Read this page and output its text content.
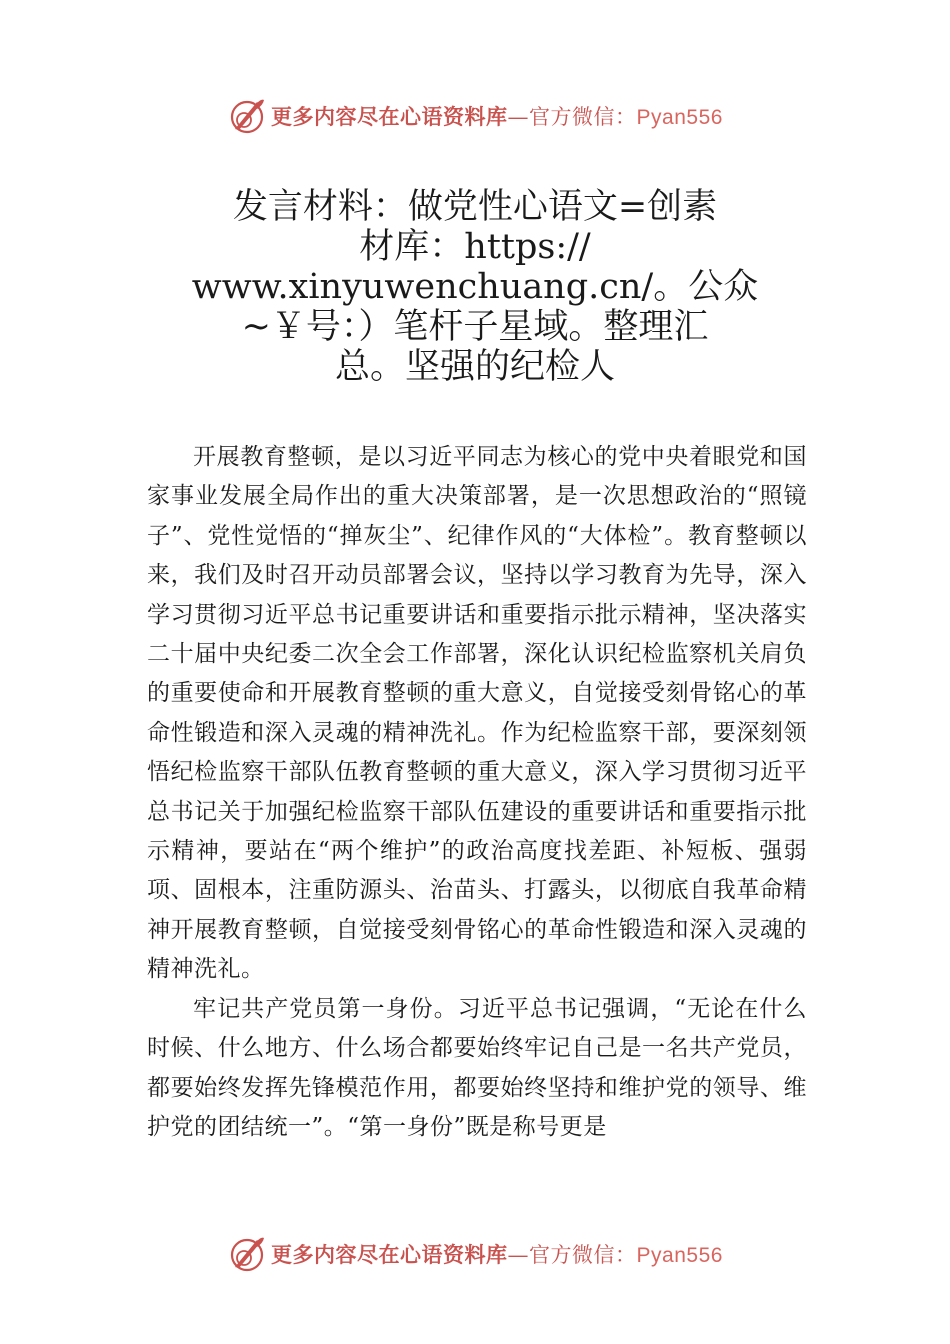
更多内容尽在心语资料库—官方微信：Pyan556
发言材料：做党性心语文=创素
材库：https://
www.xinyuwenchuang.cn/。公众
~￥号：）笔杆子星域。整理汇
总。坚强的纪检人

开展教育整顿，是以习近平同志为核心的党中央着眼党和国家事业发展全局作出的重大决策部署，是一次思想政治的“照镜子”、党性觉悟的“掸灰尘”、纪律作风的“大体检”。教育整顿以来，我们及时召开动员部署会议，坚持以学习教育为先导，深入学习贯彻习近平总书记重要讲话和重要指示批示精神，坚决落实二十届中央纪委二次全会工作部署，深化认识纪检监察机关肩负的重要使命和开展教育整顿的重大意义，自觉接受刻骨铭心的革命性锻造和深入灵魂的精神洗礼。作为纪检监察干部，要深刻领悟纪检监察干部队伍教育整顿的重大意义，深入学习贯彻习近平总书记关于加强纪检监察干部队伍建设的重要讲话和重要指示批示精神，要站在“两个维护”的政治高度找差距、补短板、强弱项、固根本，注重防源头、治苗头、打露头，以彻底自我革命精神开展教育整顿，自觉接受刻骨铭心的革命性锻造和深入灵魂的精神洗礼。

牢记共产党员第一身份。习近平总书记强调，“无论在什么时候、什么地方、什么场合都要始终牢记自己是一名共产党员，都要始终发挥先锋模范作用，都要始终坚持和维护党的领导、维护党的团结统一”。“第一身份”既是称号更是

更多内容尽在心语资料库—官方微信：Pyan556
